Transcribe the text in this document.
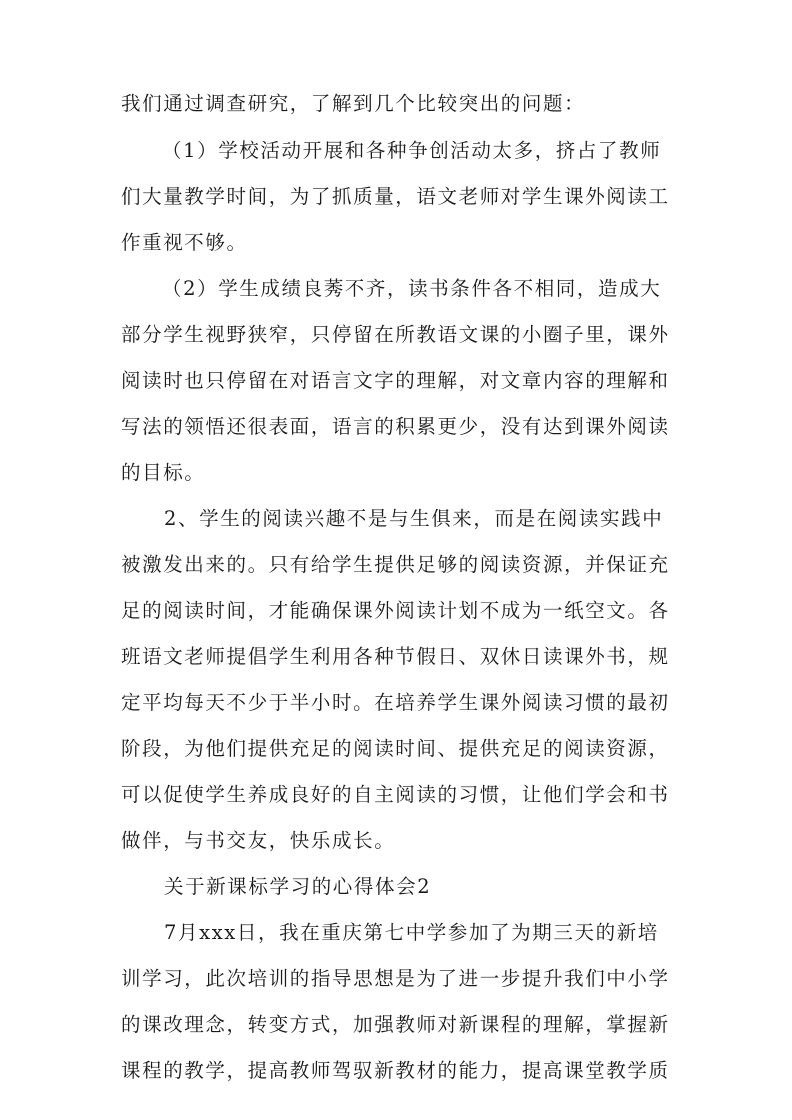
我们通过调查研究，了解到几个比较突出的问题：
（1）学校活动开展和各种争创活动太多，挤占了教师
们大量教学时间，为了抓质量，语文老师对学生课外阅读工
作重视不够。
（2）学生成绩良莠不齐，读书条件各不相同，造成大
部分学生视野狭窄，只停留在所教语文课的小圈子里，课外
阅读时也只停留在对语言文字的理解，对文章内容的理解和
写法的领悟还很表面，语言的积累更少，没有达到课外阅读
的目标。
2、学生的阅读兴趣不是与生俱来，而是在阅读实践中
被激发出来的。只有给学生提供足够的阅读资源，并保证充
足的阅读时间，才能确保课外阅读计划不成为一纸空文。各
班语文老师提倡学生利用各种节假日、双休日读课外书，规
定平均每天不少于半小时。在培养学生课外阅读习惯的最初
阶段，为他们提供充足的阅读时间、提供充足的阅读资源，
可以促使学生养成良好的自主阅读的习惯，让他们学会和书
做伴，与书交友，快乐成长。
关于新课标学习的心得体会2
7月xxx日，我在重庆第七中学参加了为期三天的新培
训学习，此次培训的指导思想是为了进一步提升我们中小学
的课改理念，转变方式，加强教师对新课程的理解，掌握新
课程的教学，提高教师驾驭新教材的能力，提高课堂教学质
